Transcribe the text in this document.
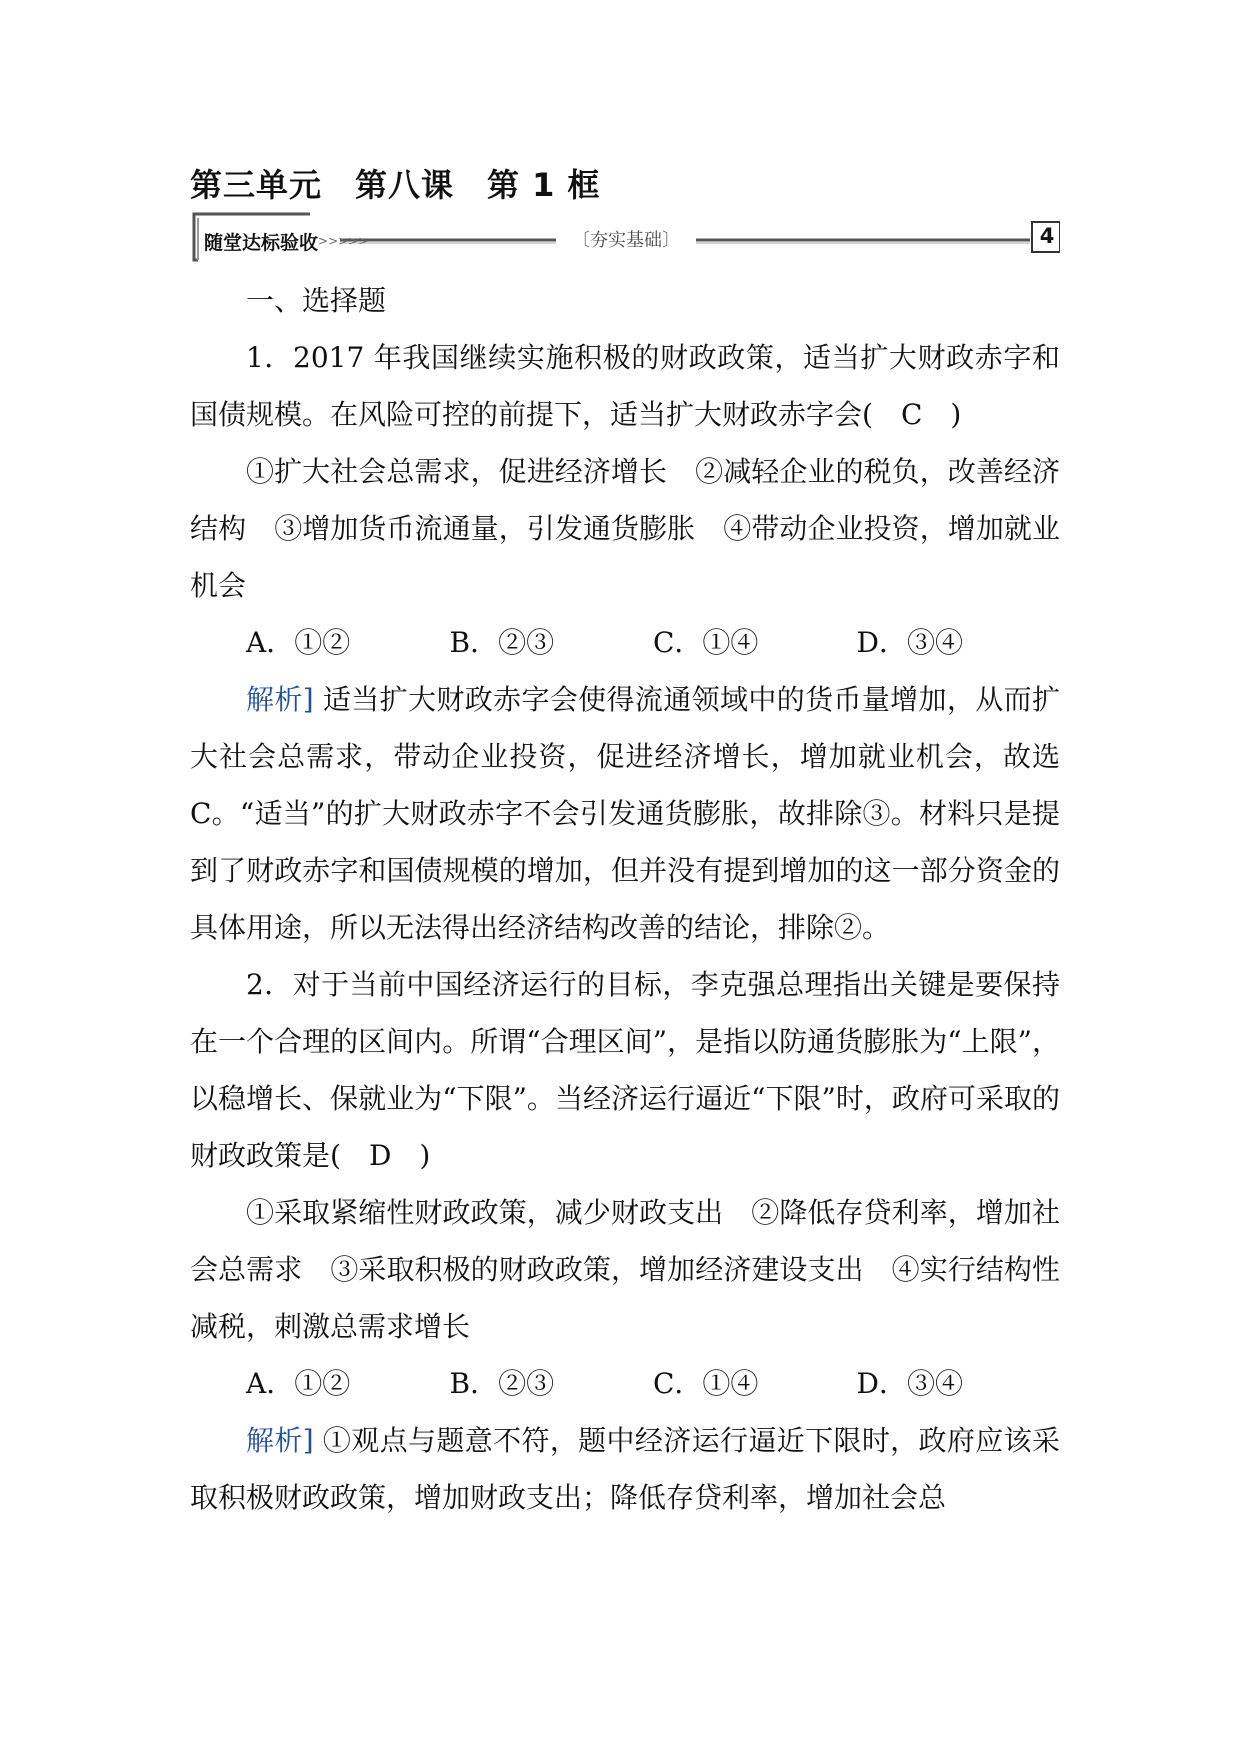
第三单元　第八课　第 1 框
随堂达标验收>>>>>	〔夯实基础〕	4

一、选择题

1．2017 年我国继续实施积极的财政政策，适当扩大财政赤字和国债规模。在风险可控的前提下，适当扩大财政赤字会(　C　)

①扩大社会总需求，促进经济增长　②减轻企业的税负，改善经济结构　③增加货币流通量，引发通货膨胀　④带动企业投资，增加就业机会

A．①②	B．②③	C．①④	D．③④

解析] 适当扩大财政赤字会使得流通领域中的货币量增加，从而扩大社会总需求，带动企业投资，促进经济增长，增加就业机会，故选 C。“适当”的扩大财政赤字不会引发通货膨胀，故排除③。材料只是提到了财政赤字和国债规模的增加，但并没有提到增加的这一部分资金的具体用途，所以无法得出经济结构改善的结论，排除②。

2．对于当前中国经济运行的目标，李克强总理指出关键是要保持在一个合理的区间内。所谓“合理区间”，是指以防通货膨胀为“上限”，以稳增长、保就业为“下限”。当经济运行逼近“下限”时，政府可采取的财政政策是(　D　)

①采取紧缩性财政政策，减少财政支出　②降低存贷利率，增加社会总需求　③采取积极的财政政策，增加经济建设支出　④实行结构性减税，刺激总需求增长

A．①②	B．②③	C．①④	D．③④

解析] ①观点与题意不符，题中经济运行逼近下限时，政府应该采取积极财政政策，增加财政支出；降低存贷利率，增加社会总
